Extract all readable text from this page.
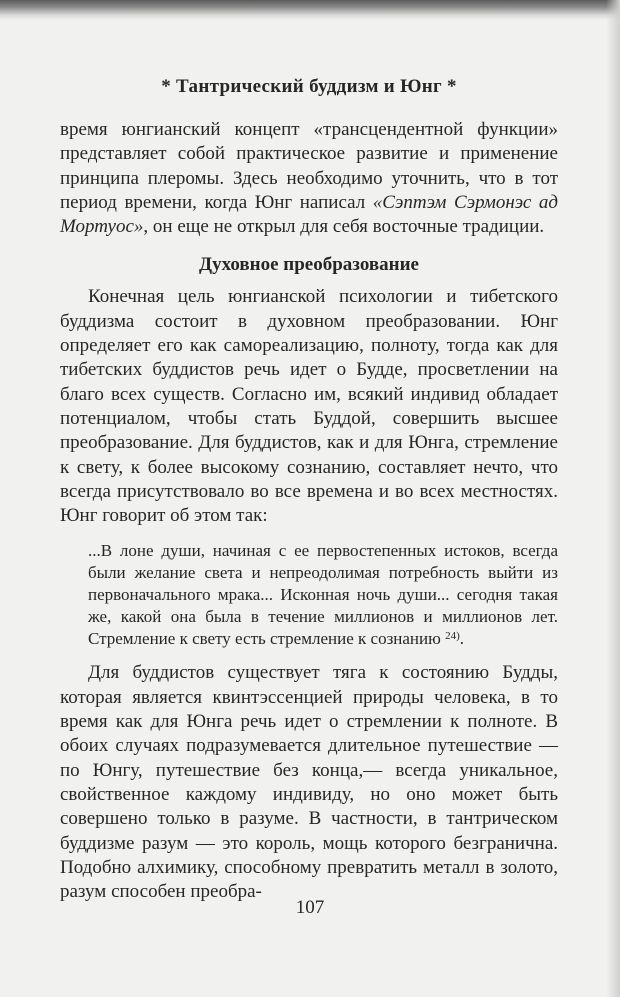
* Тантрический буддизм и Юнг *

время юнгианский концепт «трансцендентной функции» представляет собой практическое развитие и применение принципа плеромы. Здесь необходимо уточнить, что в тот период времени, когда Юнг написал «Сэптэм Сэрмонэс ад Мортуос», он еще не открыл для себя восточные традиции.

Духовное преобразование

Конечная цель юнгианской психологии и тибетского буддизма состоит в духовном преобразовании. Юнг определяет его как самореализацию, полноту, тогда как для тибетских буддистов речь идет о Будде, просветлении на благо всех существ. Согласно им, всякий индивид обладает потенциалом, чтобы стать Буддой, совершить высшее преобразование. Для буддистов, как и для Юнга, стремление к свету, к более высокому сознанию, составляет нечто, что всегда присутствовало во все времена и во всех местностях. Юнг говорит об этом так:

...В лоне души, начиная с ее первостепенных истоков, всегда были желание света и непреодолимая потребность выйти из первоначального мрака... Исконная ночь души... сегодня такая же, какой она была в течение миллионов и миллионов лет. Стремление к свету есть стремление к сознанию $^{24)}$.

Для буддистов существует тяга к состоянию Будды, которая является квинтэссенцией природы человека, в то время как для Юнга речь идет о стремлении к полноте. В обоих случаях подразумевается длительное путешествие — по Юнгу, путешествие без конца,— всегда уникальное, свойственное каждому индивиду, но оно может быть совершено только в разуме. В частности, в тантрическом буддизме разум — это король, мощь которого безгранична. Подобно алхимику, способному превратить металл в золото, разум способен преобра-

107
